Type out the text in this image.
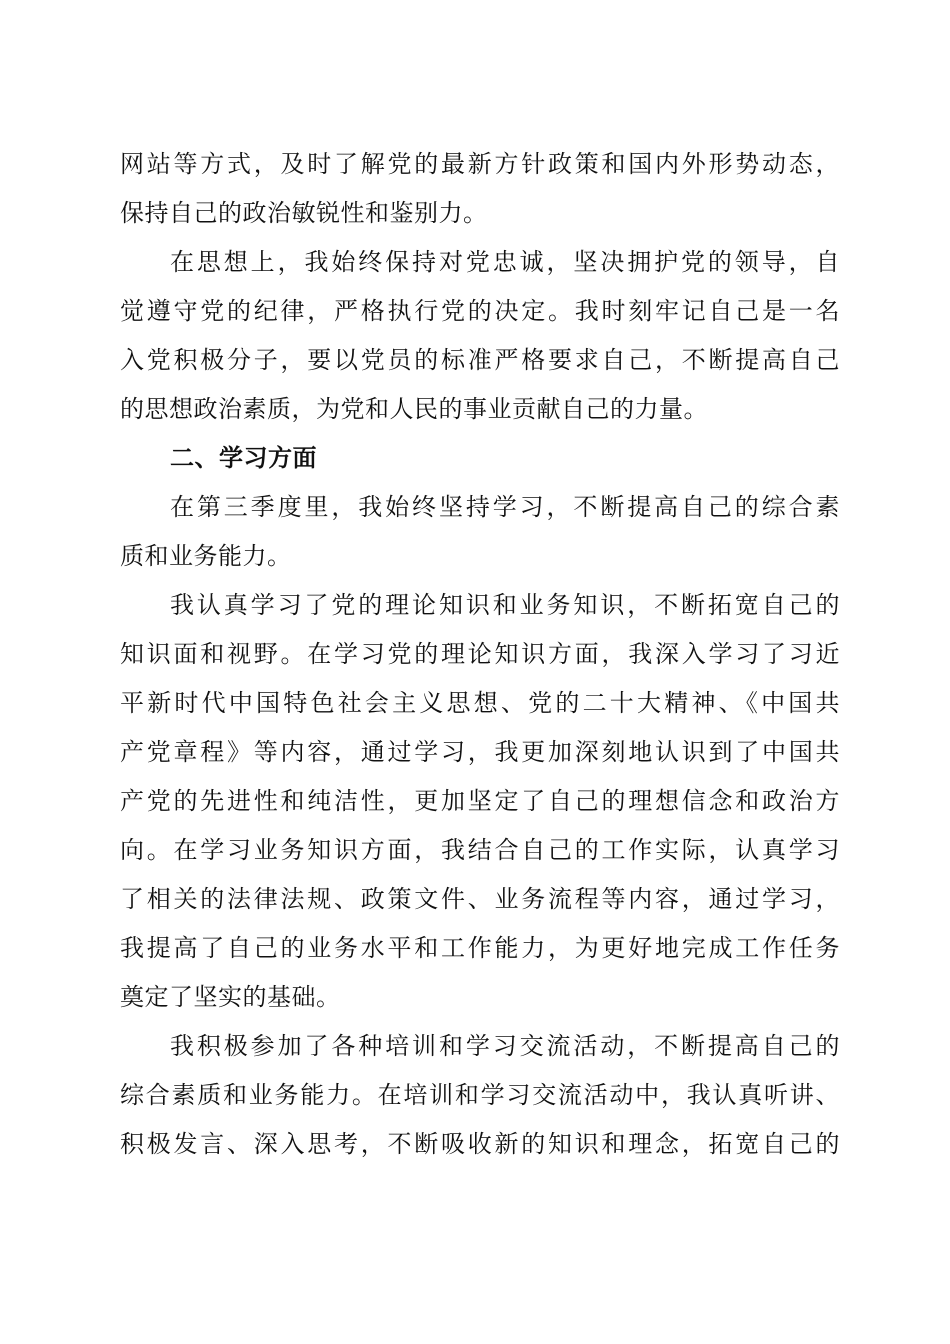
网站等方式，及时了解党的最新方针政策和国内外形势动态，
保持自己的政治敏锐性和鉴别力。
在思想上，我始终保持对党忠诚，坚决拥护党的领导，自
觉遵守党的纪律，严格执行党的决定。我时刻牢记自己是一名
入党积极分子，要以党员的标准严格要求自己，不断提高自己
的思想政治素质，为党和人民的事业贡献自己的力量。
二、学习方面
在第三季度里，我始终坚持学习，不断提高自己的综合素
质和业务能力。
我认真学习了党的理论知识和业务知识，不断拓宽自己的
知识面和视野。在学习党的理论知识方面，我深入学习了习近
平新时代中国特色社会主义思想、党的二十大精神、《中国共
产党章程》等内容，通过学习，我更加深刻地认识到了中国共
产党的先进性和纯洁性，更加坚定了自己的理想信念和政治方
向。在学习业务知识方面，我结合自己的工作实际，认真学习
了相关的法律法规、政策文件、业务流程等内容，通过学习，
我提高了自己的业务水平和工作能力，为更好地完成工作任务
奠定了坚实的基础。
我积极参加了各种培训和学习交流活动，不断提高自己的
综合素质和业务能力。在培训和学习交流活动中，我认真听讲、
积极发言、深入思考，不断吸收新的知识和理念，拓宽自己的
